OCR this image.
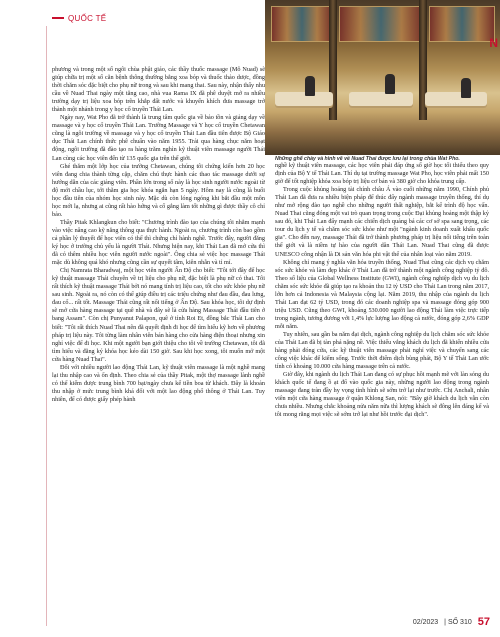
QUỐC TẾ
N
Những ghế chày và hình vẽ về Nuad Thai được lưu lại trong chùa Wat Pho.

phương và trong một số ngôi chùa phật giáo, các thầy thuốc massage (Mô Nuad) sẽ giúp chữa trị một số căn bệnh thông thường bằng xoa bóp và thuốc thảo dược, đồng thời chăm sóc đặc biệt cho phụ nữ trong và sau khi mang thai. Sau này, nhận thấy nhu cầu về Nuad Thai ngày một tăng cao, nhà vua Rama IX đã phê duyệt mở ra nhiều trường dạy trị liệu xoa bóp trên khắp đất nước và khuyến khích đưa massage trở thành một nhánh trong y học cổ truyền Thái Lan.

Ngày nay, Wat Pho đã trở thành là trung tâm quốc gia về bảo tồn và giảng dạy về massage và y học cổ truyền Thái Lan. Trường Massage và Y học cổ truyền Chetawan cũng là ngôi trường về massage và y học cổ truyền Thái Lan đầu tiên được Bộ Giáo dục Thái Lan chính thức phê chuẩn vào năm 1955. Trải qua hàng chục năm hoạt động, ngôi trường đã đào tạo ra hàng trăm nghìn kỹ thuật viên massage người Thái Lan cùng các học viên đến từ 135 quốc gia trên thế giới.

Ghé thăm một lớp học của trường Chetawan, chúng tôi chứng kiến hơn 20 học viên đang chia thành từng cặp, chăm chú thực hành các thao tác massage dưới sự hướng dẫn của các giảng viên. Phần lớn trong số này là học sinh người nước ngoài từ độ mới chầu lục, tới thăm gia học khóa ngắn hạn 5 ngày. Hôm nay là cũng là buổi học đầu tiên của nhóm học sinh này. Mặc dù còn lóng ngóng khi bắt đầu một môn học mới lạ, nhưng ai cũng rất hào hứng và cố gắng làm tốt những gì được thầy cô chỉ bảo.

Thầy Pitak Khlangkun cho biết: "Chương trình đào tạo của chúng tôi nhằm mạnh vào việc nâng cao kỹ năng thông qua thực hành. Ngoài ra, chương trình còn bao gồm cả phần lý thuyết để học viên có thể thì chứng chỉ hành nghề. Trước đây, người đăng ký học ở trường chủ yếu là người Thái. Nhưng hiện nay, khi Thái Lan đã mở cửa thì đã có thêm nhiều học viên người nước ngoài". Ông chia sẻ việc học massage Thái mặc dù không quá khó nhưng cũng cần sự quyết tâm, kiên nhẫn và tỉ mỉ.

Chị Namrata Bharadwaj, một học viên người Ấn Độ cho biết: "Tôi tới đây để học kỹ thuật massage Thái chuyên về trị liệu cho phụ nữ, đặc biệt là phụ nữ có thai. Tôi rất thích kỹ thuật massage Thái bởi nó mang tính trị liệu cao, tốt cho sức khỏe phụ nữ sau sinh. Ngoài ra, nó còn có thể giúp điều trị các triệu chứng như đau đầu, đau lưng, đau cổ... rất tốt. Massage Thái cũng rất nổi tiếng ở Ấn Độ. Sau khóa học, tôi dự định sẽ mở cửa hàng massage tại quê nhà và đây sẽ là cửa hàng Massage Thái đầu tiên ở bang Assam". Còn chị Punyanut Palapon, quê ở tỉnh Roi Et, đồng bắc Thái Lan cho biết: "Tôi rất thích Nuad Thai nên đã quyết định đi học để tìm hiểu kỹ hơn về phương pháp trị liệu này. Tôi từng làm nhân viên bán hàng cho cửa hàng điện thoại nhưng xin nghỉ việc để đi học. Khi một người bạn giới thiệu cho tôi về trường Chetawan, tôi đã tìm hiểu và đăng ký khóa học kéo dài 150 giờ. Sau khi học xong, tôi muốn mở một cửa hàng Nuad Thai".

Đối với nhiều người lao động Thái Lan, kỹ thuật viên massage là một nghề mang lại thu nhập cao và ổn định. Theo chia sẻ của thầy Pitak, một thợ massage lành nghề có thể kiếm được trung bình 700 bạt/ngày chưa kể tiền boa từ khách. Đây là khoản thu nhập ở mức trung bình khá đối với một lao động phổ thông ở Thái Lan. Tuy nhiên, để có được giấy phép hành

nghề kỹ thuật viên massage, các học viên phải đáp ứng số giờ học tối thiểu theo quy định của Bộ Y tế Thái Lan. Thí dụ tại trường massage Wat Pho, học viên phải mất 150 giờ để tốt nghiệp khóa xoa bóp trị liệu cơ bản và 380 giờ cho khóa trung cấp.

Trong cuộc khủng hoảng tài chính châu Á vào cuối những năm 1990, Chính phủ Thái Lan đã đưa ra nhiều biện pháp để thúc đẩy ngành massage truyền thống, thí dụ như mở rộng đào tạo nghề cho những người thất nghiệp, bắt kể trình độ học vấn. Nuad Thai cũng đóng một vai trò quan trọng trong cuộc Đại khủng hoảng một thập kỷ sau đó, khi Thái Lan đẩy mạnh các chiến dịch quảng bá các cơ sở spa sang trọng, các tour du lịch y tế và chăm sóc sức khỏe như một "ngành kinh doanh xuất khẩu quốc gia". Cho đến nay, massage Thái đã trở thành phương pháp trị liệu nổi tiếng trên toàn thế giới và là niềm tự hào của người dân Thái Lan. Nuad Thai cũng đã được UNESCO công nhận là Di sản văn hóa phi vật thể của nhân loại vào năm 2019.

Không chỉ mang ý nghĩa văn hóa truyền thống, Nuad Thai cũng các dịch vụ chăm sóc sức khỏe và làm đẹp khác ở Thái Lan đã trở thành một ngành công nghiệp tỷ đô. Theo số liệu của Global Wellness Institute (GWI), ngành công nghiệp dịch vụ du lịch chăm sóc sức khỏe đã giúp tạo ra khoản thu 12 tỷ USD cho Thái Lan trong năm 2017, lớn hơn cả Indonesia và Malaysia cộng lại. Năm 2019, thu nhập của ngành du lịch Thái Lan đạt 62 tỷ USD, trong đó các doanh nghiệp spa và massage đóng góp 900 triệu USD. Cũng theo GWI, khoảng 530.000 người lao động Thái làm việc trực tiếp trong ngành, tương đương với 1,4% lực lượng lao động cả nước, đóng góp 2,6% GDP mỗi năm.

Tuy nhiên, sau gần ba năm đại dịch, ngành công nghiệp du lịch chăm sóc sức khỏe của Thái Lan đã bị tàn phá nặng nề. Việc thiếu vắng khách du lịch đã khiến nhiều cửa hàng phải đóng cửa, các kỹ thuật viên massage phải nghỉ việc và chuyển sang các công việc khác để kiếm sống. Trước thời điểm dịch bùng phát, Bộ Y tế Thái Lan ước tính có khoảng 10.000 cửa hàng massage trên cả nước.

Giờ đây, khi ngành du lịch Thái Lan đang có sự phục hồi mạnh mẽ với làn sóng du khách quốc tế đang ồ ạt đổ vào quốc gia này, những người lao động trong ngành massage đang tràn đầy hy vọng tình hình sẽ sớm trở lại như trước. Chị Anchali, nhân viên một cửa hàng massage ở quận Khlong San, nói: "Bây giờ khách du lịch vẫn còn chưa nhiều. Nhưng chắc khoảng nửa năm nữa thì lượng khách sẽ đông lên đáng kể và tôi mong rằng mọi việc sẽ sớm trở lại như hồi trước đại dịch".

02/2023 | SỐ 310 57
